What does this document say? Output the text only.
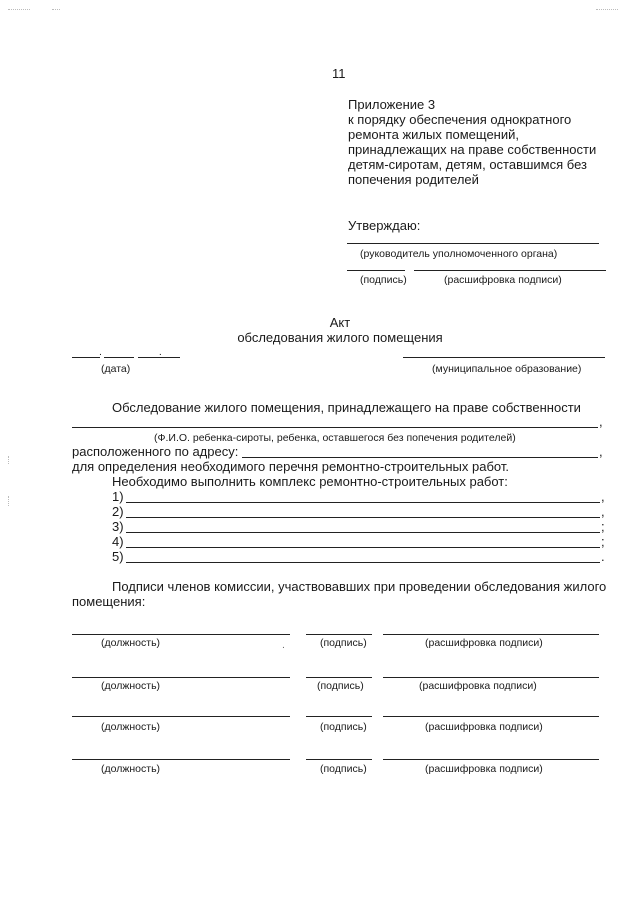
11
Приложение 3
к порядку обеспечения однократного
ремонта жилых помещений,
принадлежащих на праве собственности
детям-сиротам, детям, оставшимся без
попечения родителей
Утверждаю:
(руководитель уполномоченного органа)
(подпись)	(расшифровка подписи)
Акт
обследования жилого помещения
. .
(дата)	(муниципальное образование)
Обследование жилого помещения, принадлежащего на праве собственности
,
(Ф.И.О. ребенка-сироты, ребенка, оставшегося без попечения родителей)
расположенного по адресу:	,
для определения необходимого перечня ремонтно-строительных работ.
Необходимо выполнить комплекс ремонтно-строительных работ:
1)	,
2)	,
3)	;
4)	;
5)	.
Подписи членов комиссии, участвовавших при проведении обследования жилого
помещения:
(должность)	(подпись)	(расшифровка подписи)
.
(должность)	(подпись)	(расшифровка подписи)
(должность)	(подпись)	(расшифровка подписи)
(должность)	(подпись)	(расшифровка подписи)
